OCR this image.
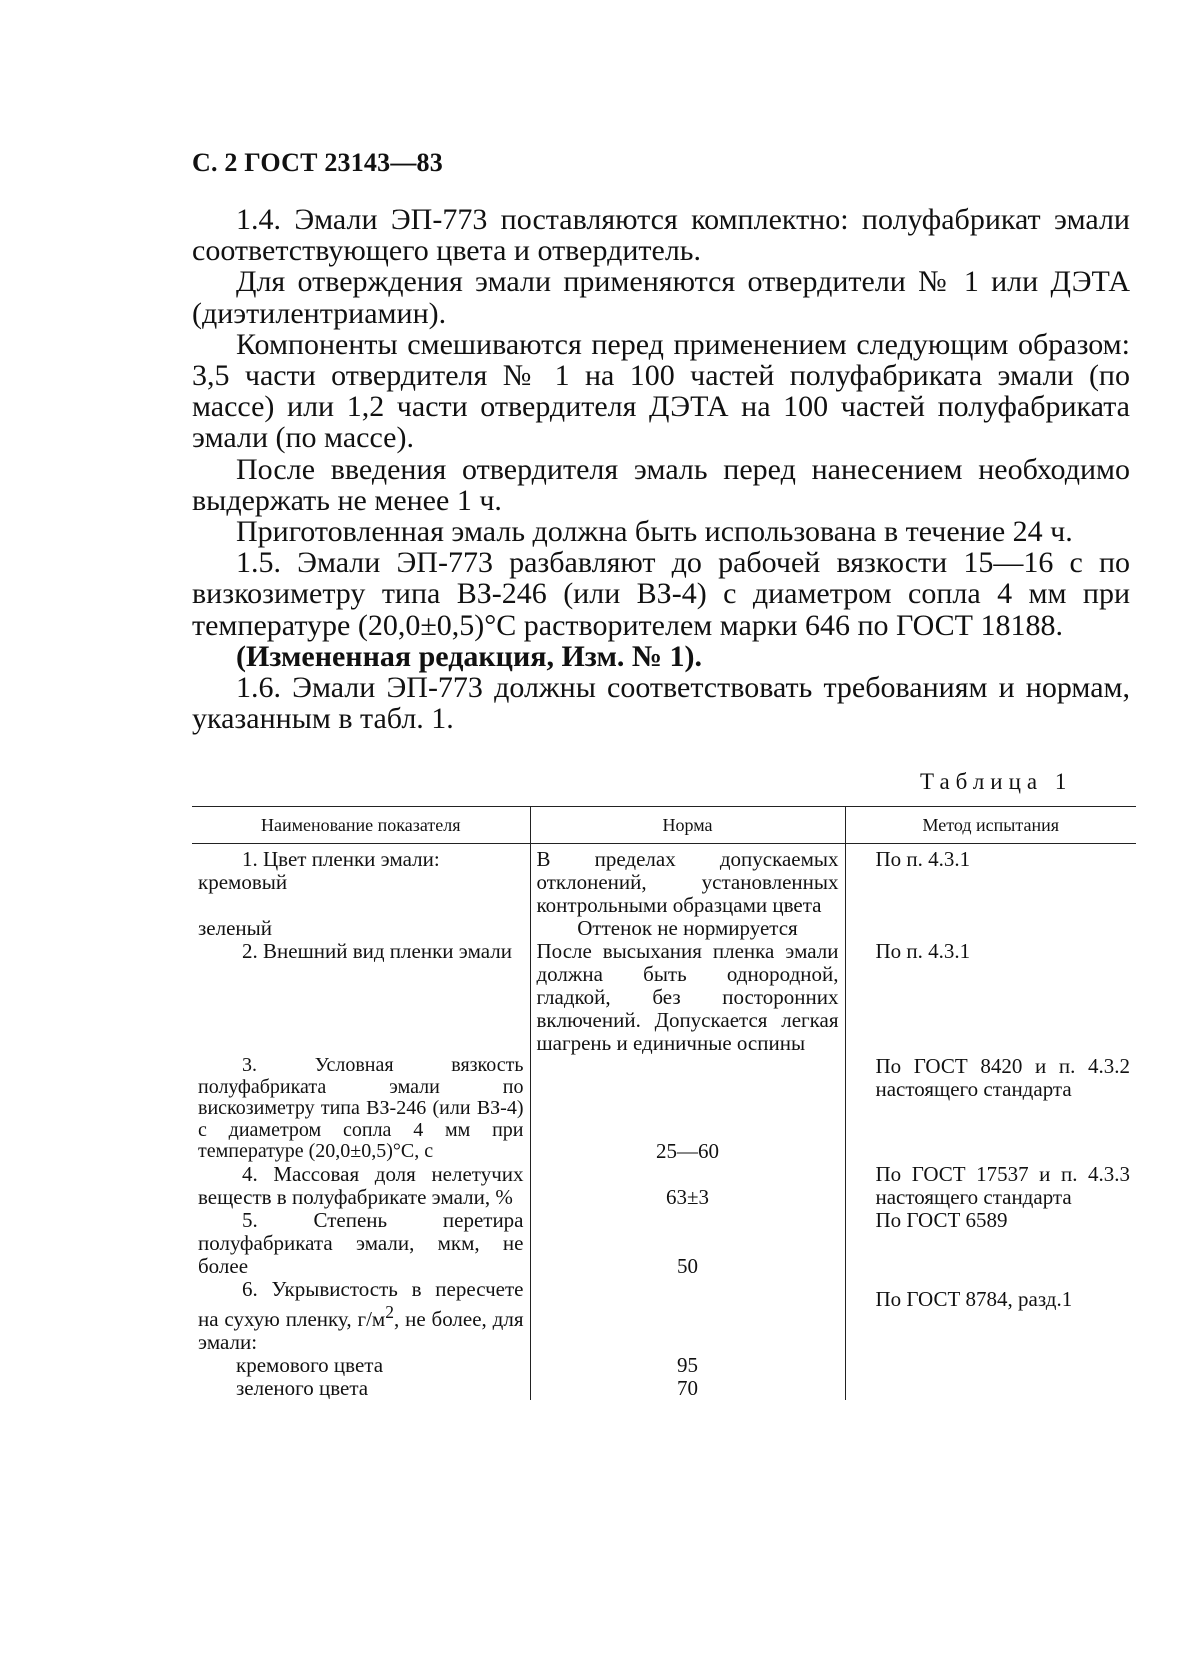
С. 2 ГОСТ 23143—83

1.4. Эмали ЭП-773 поставляются комплектно: полуфабрикат эмали соответствующего цвета и отвердитель.

Для отверждения эмали применяются отвердители № 1 или ДЭТА (диэтилентриамин).

Компоненты смешиваются перед применением следующим образом: 3,5 части отвердителя № 1 на 100 частей полуфабриката эмали (по массе) или 1,2 части отвердителя ДЭТА на 100 частей полуфабриката эмали (по массе).

После введения отвердителя эмаль перед нанесением необходимо выдержать не менее 1 ч.

Приготовленная эмаль должна быть использована в течение 24 ч.

1.5. Эмали ЭП-773 разбавляют до рабочей вязкости 15—16 с по визкозиметру типа ВЗ-246 (или ВЗ-4) с диаметром сопла 4 мм при температуре (20,0±0,5)°С растворителем марки 646 по ГОСТ 18188.

(Измененная редакция, Изм. № 1).

1.6. Эмали ЭП-773 должны соответствовать требованиям и нормам, указанным в табл. 1.

Таблица 1
Наименование показателя	Норма	Метод испытания

1. Цвет пленки эмали:
кремовый	В пределах допускаемых отклонений, установленных контрольными образцами цвета	По п. 4.3.1
зеленый	Оттенок не нормируется	

2. Внешний вид пленки эмали	После высыхания пленка эмали должна быть однородной, гладкой, без посторонних включений. Допускается легкая шагрень и единичные оспины	По п. 4.3.1

3. Условная вязкость полуфабриката эмали по вискозиметру типа ВЗ-246 (или ВЗ-4) с диаметром сопла 4 мм при температуре (20,0±0,5)°С, с	25—60	По ГОСТ 8420 и п. 4.3.2 настоящего стандарта

4. Массовая доля нелетучих веществ в полуфабрикате эмали, %	63±3	По ГОСТ 17537 и п. 4.3.3 настоящего стандарта

5. Степень перетира полуфабриката эмали, мкм, не более	50	По ГОСТ 6589

6. Укрывистость в пересчете на сухую пленку, $г/м^2$, не более, для эмали:		По ГОСТ 8784, разд.1
кремового цвета	95	
зеленого цвета	70	
